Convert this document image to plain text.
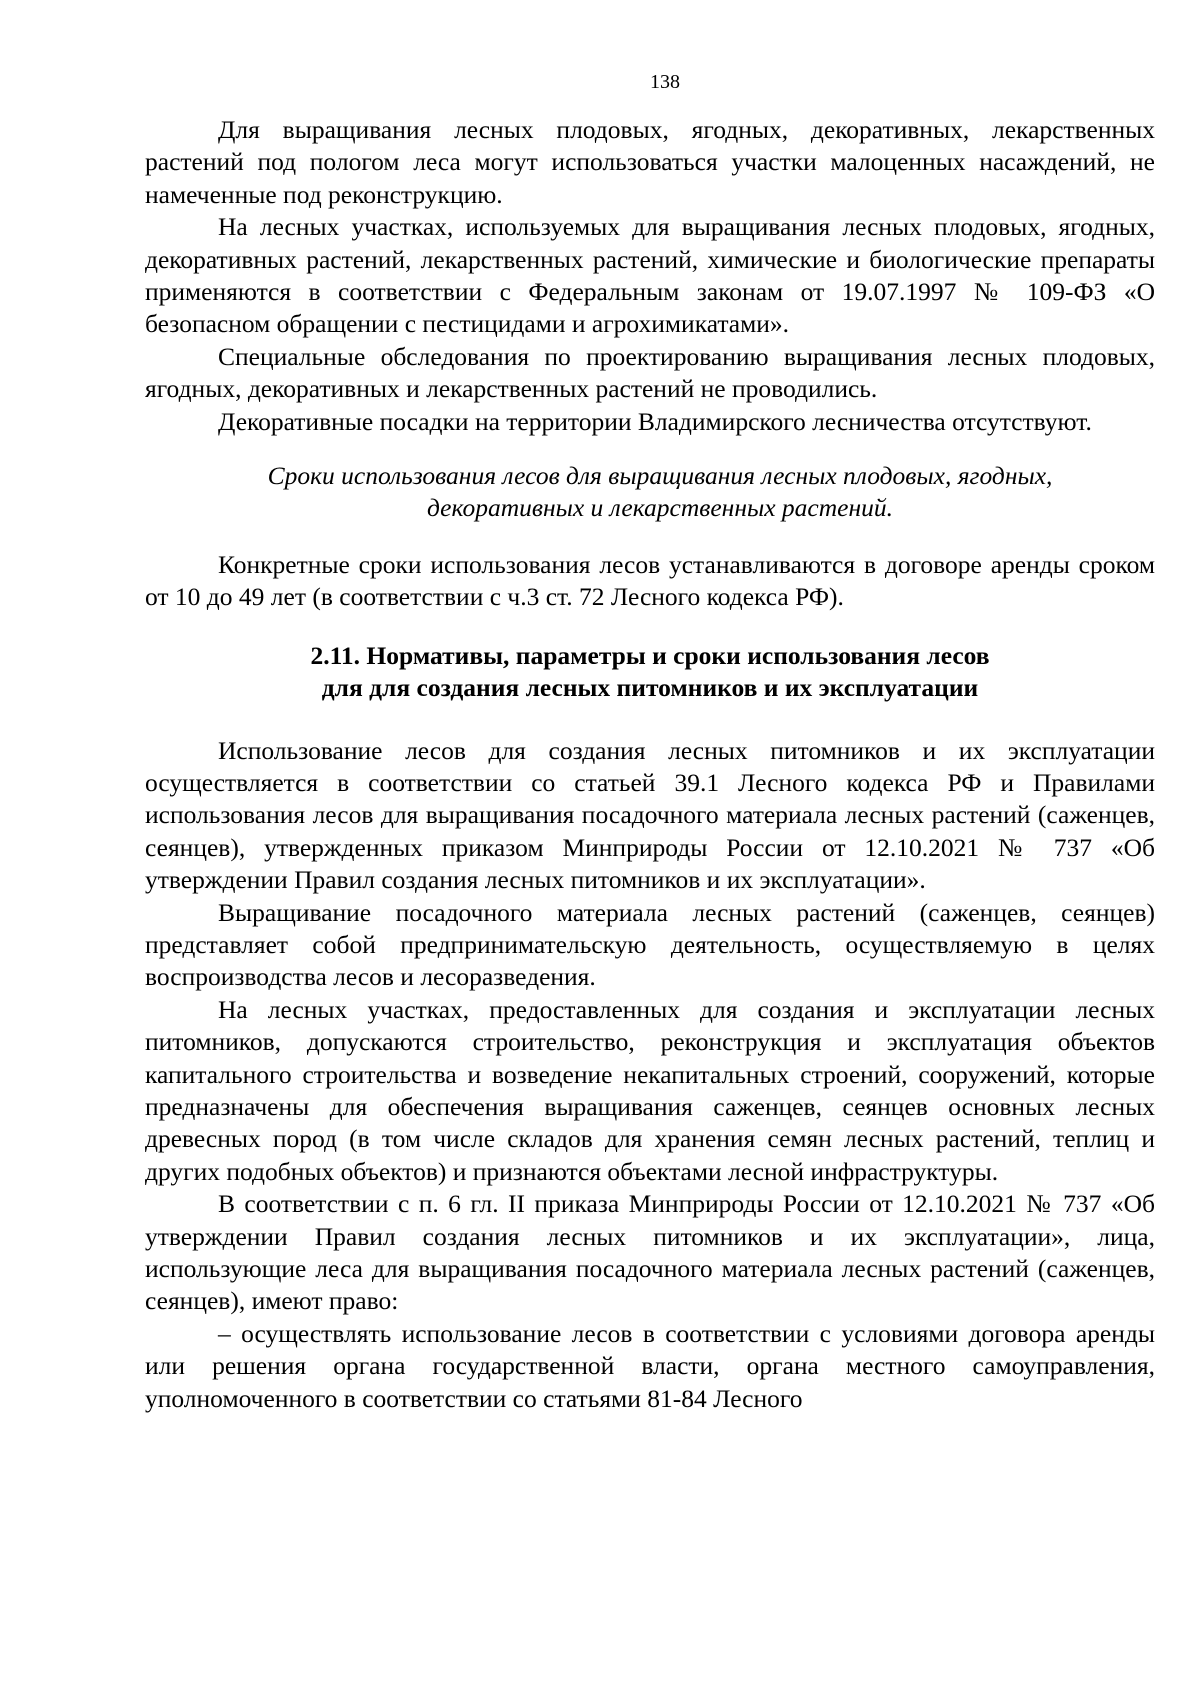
138

Для выращивания лесных плодовых, ягодных, декоративных, лекарственных растений под пологом леса могут использоваться участки малоценных насаждений, не намеченные под реконструкцию.

На лесных участках, используемых для выращивания лесных плодовых, ягодных, декоративных растений, лекарственных растений, химические и биологические препараты применяются в соответствии с Федеральным законам от 19.07.1997 № 109-ФЗ «О безопасном обращении с пестицидами и агрохимикатами».

Специальные обследования по проектированию выращивания лесных плодовых, ягодных, декоративных и лекарственных растений не проводились.

Декоративные посадки на территории Владимирского лесничества отсутствуют.

Сроки использования лесов для выращивания лесных плодовых, ягодных,
декоративных и лекарственных растений.

Конкретные сроки использования лесов устанавливаются в договоре аренды сроком от 10 до 49 лет (в соответствии с ч.3 ст. 72 Лесного кодекса РФ).

2.11. Нормативы, параметры и сроки использования лесов
для для создания лесных питомников и их эксплуатации

Использование лесов для создания лесных питомников и их эксплуатации осуществляется в соответствии со статьей 39.1 Лесного кодекса РФ и Правилами использования лесов для выращивания посадочного материала лесных растений (саженцев, сеянцев), утвержденных приказом Минприроды России от 12.10.2021 № 737 «Об утверждении Правил создания лесных питомников и их эксплуатации».

Выращивание посадочного материала лесных растений (саженцев, сеянцев) представляет собой предпринимательскую деятельность, осуществляемую в целях воспроизводства лесов и лесоразведения.

На лесных участках, предоставленных для создания и эксплуатации лесных питомников, допускаются строительство, реконструкция и эксплуатация объектов капитального строительства и возведение некапитальных строений, сооружений, которые предназначены для обеспечения выращивания саженцев, сеянцев основных лесных древесных пород (в том числе складов для хранения семян лесных растений, теплиц и других подобных объектов) и признаются объектами лесной инфраструктуры.

В соответствии с п. 6 гл. II приказа Минприроды России от 12.10.2021 № 737 «Об утверждении Правил создания лесных питомников и их эксплуатации», лица, использующие леса для выращивания посадочного материала лесных растений (саженцев, сеянцев), имеют право:

– осуществлять использование лесов в соответствии с условиями договора аренды или решения органа государственной власти, органа местного самоуправления, уполномоченного в соответствии со статьями 81-84 Лесного
